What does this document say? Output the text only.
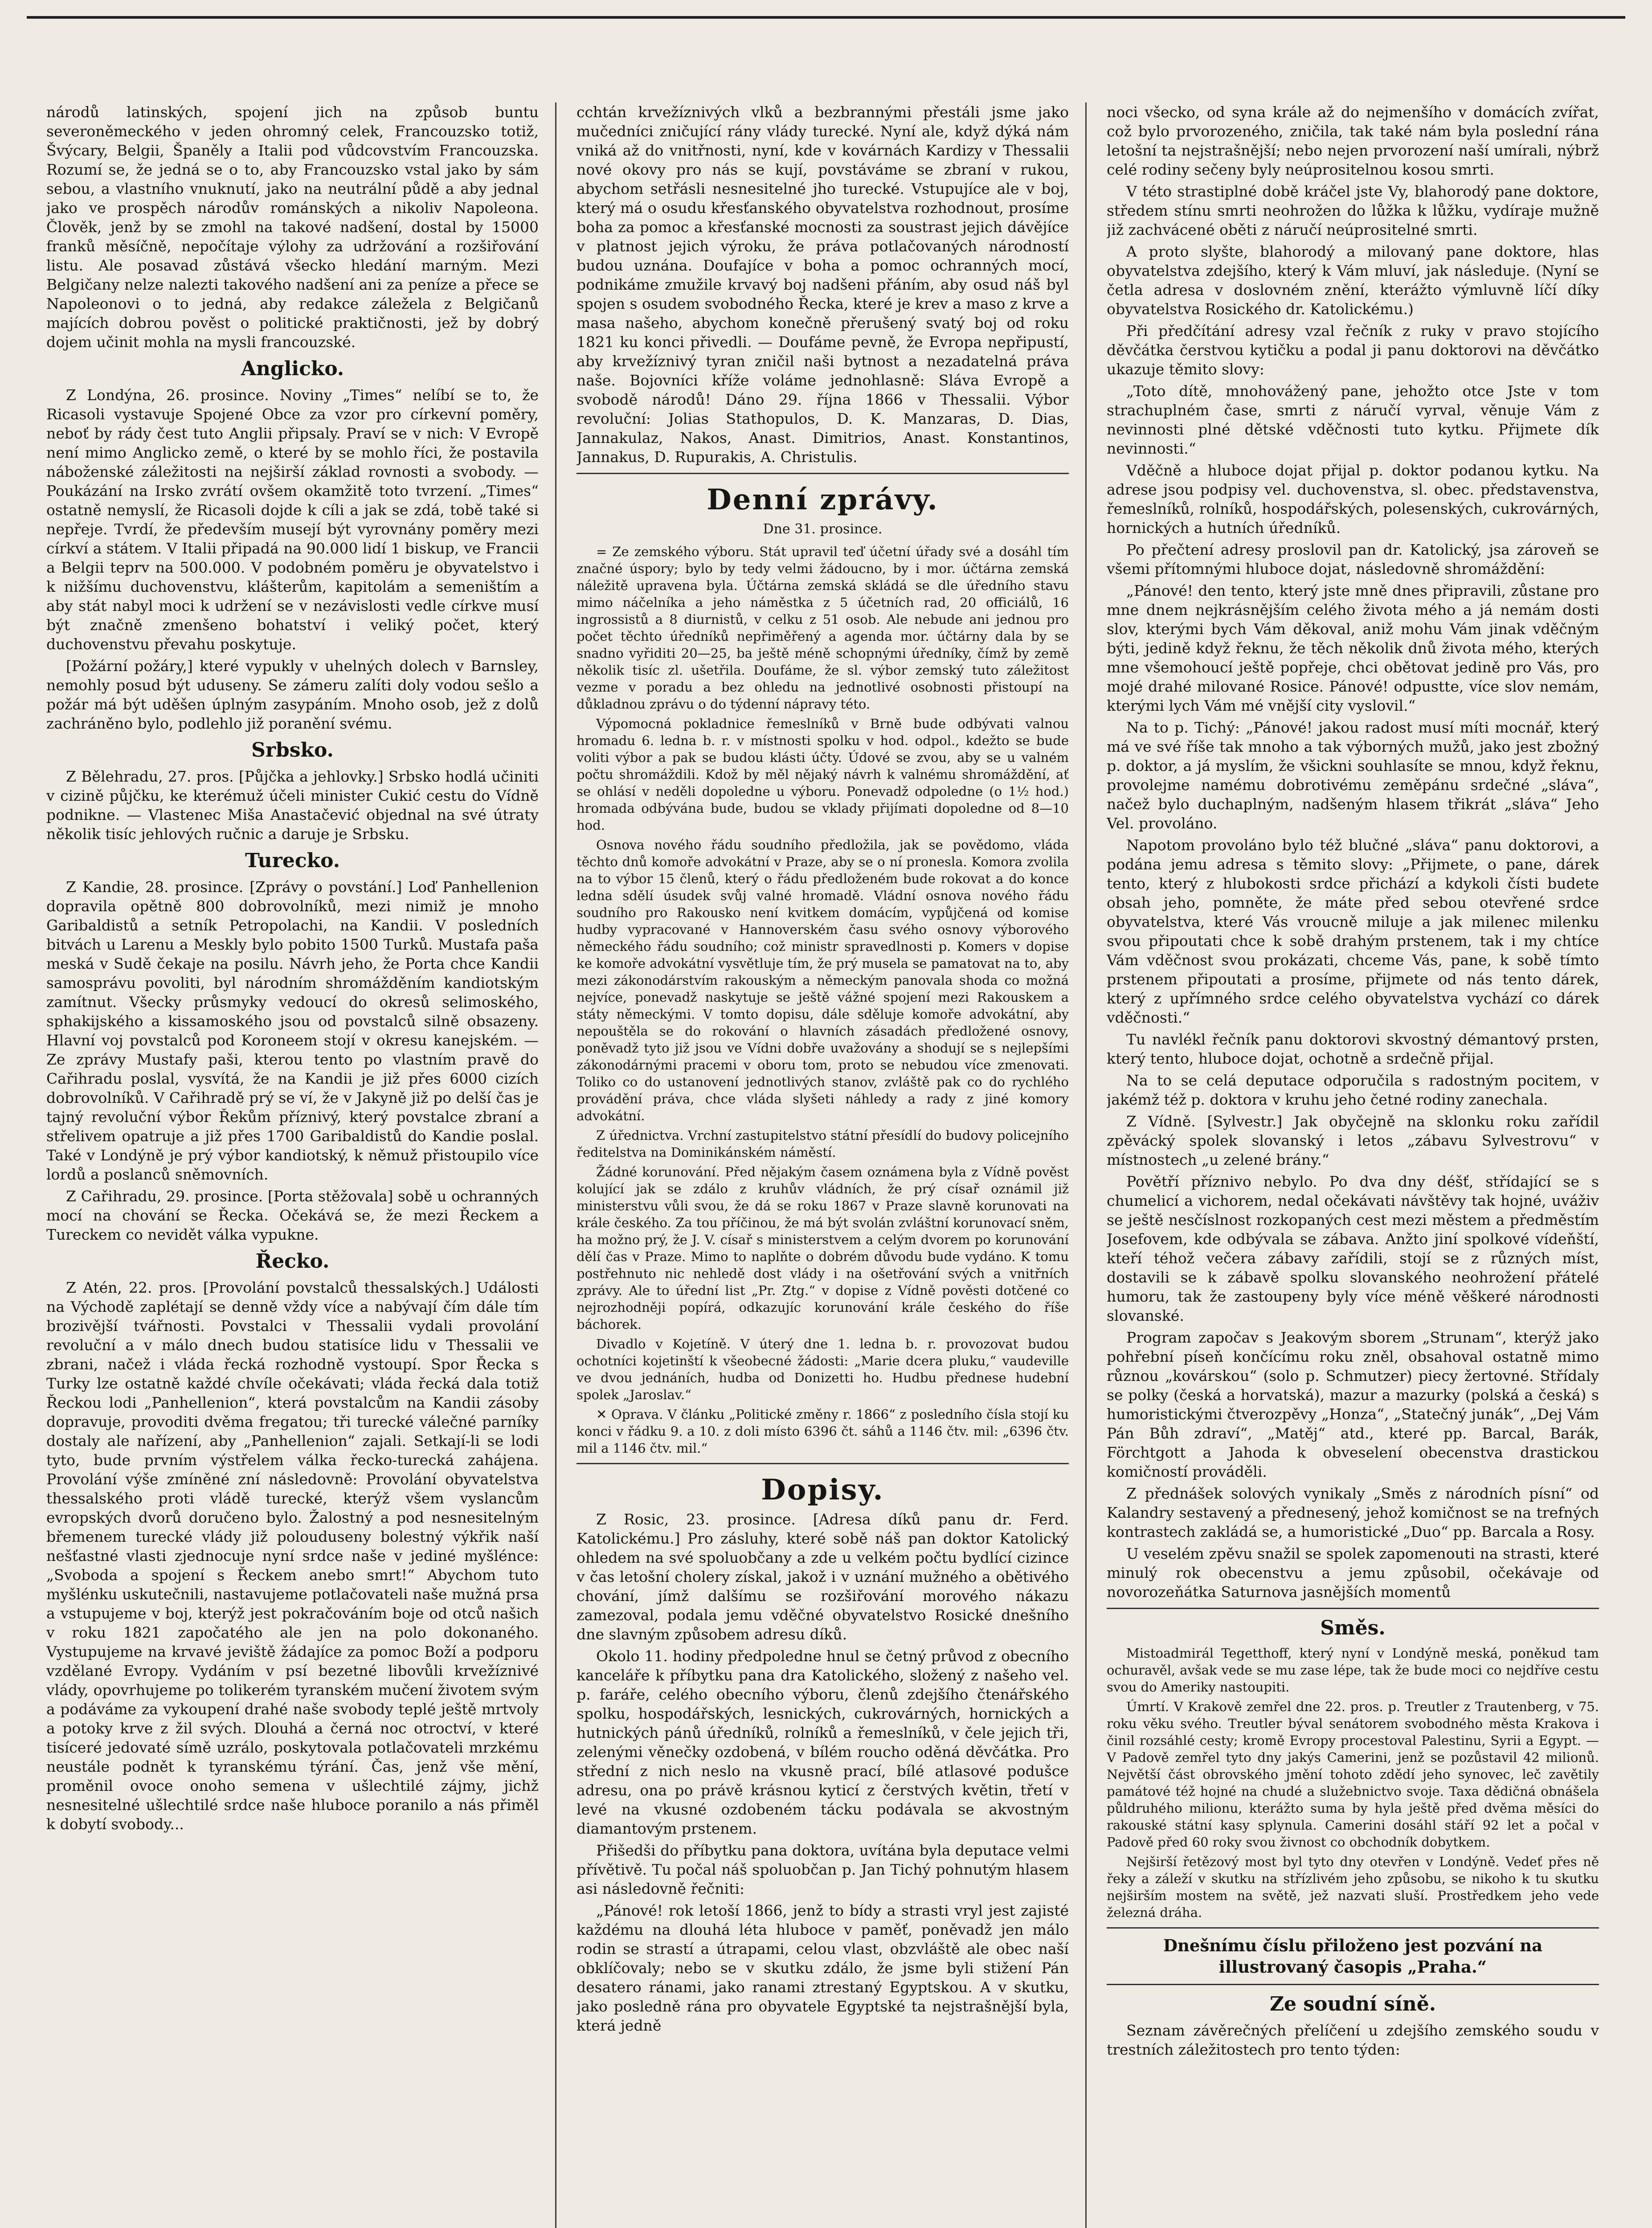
národů latinských, spojení jich na způsob buntu severoněmeckého v jeden ohromný celek, Francouzsko totiž, Švýcary, Belgii, Španěly a Italii pod vůdcovstvím Francouzska. Rozumí se, že jedná se o to, aby Francouzsko vstal jako by sám sebou, a vlastního vnuknutí, jako na neutrální půdě a aby jednal jako ve prospěch národův románských a nikoliv Napoleona. Člověk, jenž by se zmohl na takové nadšení, dostal by 15000 franků měsíčně, nepočítaje výlohy za udržování a rozšiřování listu. Ale posavad zůstává všecko hledání marným. Mezi Belgičany nelze nalezti takového nadšení ani za peníze a přece se Napoleonovi o to jedná, aby redakce záležela z Belgičanů majících dobrou pověst o politické praktičnosti, jež by dobrý dojem učinit mohla na mysli francouzské.

Anglicko.

Z Londýna, 26. prosince. Noviny „Times“ nelíbí se to, že Ricasoli vystavuje Spojené Obce za vzor pro církevní poměry, neboť by rády čest tuto Anglii připsaly. Praví se v nich: V Evropě není mimo Anglicko země, o které by se mohlo říci, že postavila náboženské záležitosti na nejširší základ rovnosti a svobody. — Poukázání na Irsko zvrátí ovšem okamžitě toto tvrzení. „Times“ ostatně nemyslí, že Ricasoli dojde k cíli a jak se zdá, tobě také si nepřeje. Tvrdí, že především musejí být vyrovnány poměry mezi církví a státem. V Italii připadá na 90.000 lidí 1 biskup, ve Francii a Belgii teprv na 500.000. V podobném poměru je obyvatelstvo i k nižšímu duchovenstvu, klášterům, kapitolám a semeništím a aby stát nabyl moci k udržení se v nezávislosti vedle církve musí být značně zmenšeno bohatství i veliký počet, který duchovenstvu převahu poskytuje.

[Požární požáry,] které vypukly v uhelných dolech v Barnsley, nemohly posud být uduseny. Se zámeru zalíti doly vodou sešlo a požár má být uděšen úplným zasypáním. Mnoho osob, jež z dolů zachráněno bylo, podlehlo již poranění svému.

Srbsko.

Z Bělehradu, 27. pros. [Půjčka a jehlovky.] Srbsko hodlá učiniti v cizině půjčku, ke kterémuž účeli minister Cukić cestu do Vídně podnikne. — Vlastenec Miša Anastačević objednal na své útraty několik tisíc jehlových ručnic a daruje je Srbsku.

Turecko.

Z Kandie, 28. prosince. [Zprávy o povstání.] Loď Panhellenion dopravila opětně 800 dobrovolníků, mezi nimiž je mnoho Garibaldistů a setník Petropolachi, na Kandii. V posledních bitvách u Larenu a Meskly bylo pobito 1500 Turků. Mustafa paša meská v Sudě čekaje na posilu. Návrh jeho, že Porta chce Kandii samosprávu povoliti, byl národním shromážděním kandiotským zamítnut. Všecky průsmyky vedoucí do okresů selimoského, sphakijského a kissamoského jsou od povstalců silně obsazeny. Hlavní voj povstalců pod Koroneem stojí v okresu kanejském. — Ze zprávy Mustafy paši, kterou tento po vlastním pravě do Cařihradu poslal, vysvítá, že na Kandii je již přes 6000 cizích dobrovolníků. V Cařihradě prý se ví, že v Jakyně již po delší čas je tajný revoluční výbor Řekům příznivý, který povstalce zbraní a střelivem opatruje a již přes 1700 Garibaldistů do Kandie poslal. Také v Londýně je prý výbor kandiotský, k němuž přistoupilo více lordů a poslanců sněmovních.

Z Cařihradu, 29. prosince. [Porta stěžovala] sobě u ochranných mocí na chování se Řecka. Očekává se, že mezi Řeckem a Tureckem co nevidět válka vypukne.

Řecko.

Z Atén, 22. pros. [Provolání povstalců thessalských.] Události na Východě zaplétají se denně vždy více a nabývají čím dále tím brozivější tvářnosti. Povstalci v Thessalii vydali provolání revoluční a v málo dnech budou statisíce lidu v Thessalii ve zbrani, načež i vláda řecká rozhodně vystoupí. Spor Řecka s Turky lze ostatně každé chvíle očekávati; vláda řecká dala totiž Řeckou lodi „Panhellenion“, která povstalcům na Kandii zásoby dopravuje, provoditi dvěma fregatou; tři turecké válečné parníky dostaly ale nařízení, aby „Panhellenion“ zajali. Setkají-li se lodi tyto, bude prvním výstřelem válka řecko-turecká zahájena. Provolání výše zmíněné zní následovně: Provolání obyvatelstva thessalského proti vládě turecké, kterýž všem vyslancům evropských dvorů doručeno bylo. Žalostný a pod nesnesitelným břemenem turecké vlády již polouduseny bolestný výkřik naší nešťastné vlasti zjednocuje nyní srdce naše v jediné myšlénce: „Svoboda a spojení s Řeckem anebo smrt!“ Abychom tuto myšlénku uskutečnili, nastavujeme potlačovateli naše mužná prsa a vstupujeme v boj, kterýž jest pokračováním boje od otců našich v roku 1821 započatého ale jen na polo dokonaného. Vystupujeme na krvavé jeviště žádajíce za pomoc Boží a podporu vzdělané Evropy. Vydáním v psí bezetné libovůli krvežíznivé vlády, opovrhujeme po tolikerém tyranském mučení životem svým a podáváme za vykoupení drahé naše svobody teplé ještě mrtvoly a potoky krve z žil svých. Dlouhá a černá noc otroctví, v které tisíceré jedovaté símě uzrálo, poskytovala potlačovateli mrzkému neustále podnět k tyranskému týrání. Čas, jenž vše mění, proměnil ovoce onoho semena v ušlechtilé zájmy, jichž nesnesitelné ušlechtilé srdce naše hluboce poranilo a nás přiměl k dobytí svobody...

cchtán krvežíznivých vlků a bezbrannými přestáli jsme jako mučedníci zničující rány vlády turecké. Nyní ale, když dýká nám vniká až do vnitřnosti, nyní, kde v kovárnách Kardizy v Thessalii nové okovy pro nás se kují, povstáváme se zbraní v rukou, abychom setřásli nesnesitelné jho turecké. Vstupujíce ale v boj, který má o osudu křesťanského obyvatelstva rozhodnout, prosíme boha za pomoc a křesťanské mocnosti za soustrast jejich dávějíce v platnost jejich výroku, že práva potlačovaných národností budou uznána. Doufajíce v boha a pomoc ochranných mocí, podnikáme zmužile krvavý boj nadšeni přáním, aby osud náš byl spojen s osudem svobodného Řecka, které je krev a maso z krve a masa našeho, abychom konečně přerušený svatý boj od roku 1821 ku konci přivedli. — Doufáme pevně, že Evropa nepřipustí, aby krvežíznivý tyran zničil naši bytnost a nezadatelná práva naše. Bojovníci kříže voláme jednohlasně: Sláva Evropě a svobodě národů! Dáno 29. října 1866 v Thessalii. Výbor revoluční: Jolias Stathopulos, D. K. Manzaras, D. Dias, Jannakulaz, Nakos, Anast. Dimitrios, Anast. Konstantinos, Jannakus, D. Rupurakis, A. Christulis.

Denní zprávy.
Dne 31. prosince.

= Ze zemského výboru. Stát upravil teď účetní úřady své a dosáhl tím značné úspory; bylo by tedy velmi žádoucno, by i mor. účtárna zemská náležitě upravena byla. Účtárna zemská skládá se dle úředního stavu mimo náčelníka a jeho náměstka z 5 účetních rad, 20 officiálů, 16 ingrossistů a 8 diurnistů, v celku z 51 osob. Ale nebude ani jednou pro počet těchto úředníků nepřiměřený a agenda mor. účtárny dala by se snadno vyřiditi 20—25, ba ještě méně schopnými úředníky, čímž by země několik tisíc zl. ušetřila. Doufáme, že sl. výbor zemský tuto záležitost vezme v poradu a bez ohledu na jednotlivé osobnosti přistoupí na důkladnou zprávu o do týdenní nápravy této.

Výpomocná pokladnice řemeslníků v Brně bude odbývati valnou hromadu 6. ledna b. r. v místnosti spolku v hod. odpol., kdežto se bude voliti výbor a pak se budou klásti účty. Údové se zvou, aby se u valném počtu shromáždili. Kdož by měl nějaký návrh k valnému shromáždění, ať se ohlásí v neděli dopoledne u výboru. Ponevadž odpoledne (o 1½ hod.) hromada odbývána bude, budou se vklady přijímati dopoledne od 8—10 hod.

Osnova nového řádu soudního předložila, jak se povědomo, vláda těchto dnů komoře advokátní v Praze, aby se o ní pronesla. Komora zvolila na to výbor 15 členů, který o řádu předloženém bude rokovat a do konce ledna sdělí úsudek svůj valné hromadě. Vládní osnova nového řádu soudního pro Rakousko není kvitkem domácím, vypůjčená od komise hudby vypracované v Hannoverském času svého osnovy výborového německého řádu soudního; což ministr spravedlnosti p. Komers v dopise ke komoře advokátní vysvětluje tím, že prý musela se pamatovat na to, aby mezi zákonodárstvím rakouským a německým panovala shoda co možná nejvíce, ponevadž naskytuje se ještě vážné spojení mezi Rakouskem a státy německými. V tomto dopisu, dále sděluje komoře advokátní, aby nepouštěla se do rokování o hlavních zásadách předložené osnovy, poněvadž tyto již jsou ve Vídni dobře uvažovány a shodují se s nejlepšími zákonodárnými pracemi v oboru tom, proto se nebudou více zmenovati. Toliko co do ustanovení jednotlivých stanov, zvláště pak co do rychlého provádění práva, chce vláda slyšeti náhledy a rady z jiné komory advokátní.

Z úřednictva. Vrchní zastupitelstvo státní přesídlí do budovy policejního ředitelstva na Dominikánském náměstí.

Žádné korunování. Před nějakým časem oznámena byla z Vídně pověst kolující jak se zdálo z kruhův vládních, že prý císař oznámil již ministerstvu vůli svou, že dá se roku 1867 v Praze slavně korunovati na krále českého. Za tou příčinou, že má být svolán zvláštní korunovací sněm, ha možno prý, že J. V. císař s ministerstvem a celým dvorem po korunování dělí čas v Praze. Mimo to naplňte o dobrém důvodu bude vydáno. K tomu postřehnuto nic nehledě dost vlády i na ošetřování svých a vnitřních zprávy. Ale to úřední list „Pr. Ztg.“ v dopise z Vídně pověsti dotčené co nejrozhodněji popírá, odkazujíc korunování krále českého do říše báchorek.

Divadlo v Kojetíně. V úterý dne 1. ledna b. r. provozovat budou ochotníci kojetinští k všeobecné žádosti: „Marie dcera pluku,“ vaudeville ve dvou jednáních, hudba od Donizetti ho. Hudbu přednese hudební spolek „Jaroslav.“

✕ Oprava. V článku „Politické změny r. 1866“ z posledního čísla stojí ku konci v řádku 9. a 10. z doli místo 6396 čt. sáhů a 1146 čtv. mil: „6396 čtv. mil a 1146 čtv. mil.“

Dopisy.

Z Rosic, 23. prosince. [Adresa díků panu dr. Ferd. Katolickému.] Pro zásluhy, které sobě náš pan doktor Katolický ohledem na své spoluobčany a zde u velkém počtu bydlící cizince v čas letošní cholery získal, jakož i v uznání mužného a obětivého chování, jímž dalšímu se rozšiřování morového nákazu zamezoval, podala jemu vděčné obyvatelstvo Rosické dnešního dne slavným způsobem adresu díků.

Okolo 11. hodiny předpoledne hnul se četný průvod z obecního kanceláře k příbytku pana dra Katolického, složený z našeho vel. p. faráře, celého obecního výboru, členů zdejšího čtenářského spolku, hospodářských, lesnických, cukrovárných, hornických a hutnických pánů úředníků, rolníků a řemeslníků, v čele jejich tři, zelenými věnečky ozdobená, v bílém roucho oděná děvčátka. Pro střední z nich neslo na vkusně prací, bílé atlasové podušce adresu, ona po právě krásnou kyticí z čerstvých květin, třetí v levé na vkusné ozdobeném tácku podávala se akvostným diamantovým prstenem.

Přišedši do příbytku pana doktora, uvítána byla deputace velmi přívětivě. Tu počal náš spoluobčan p. Jan Tichý pohnutým hlasem asi následovně řečniti:

„Pánové! rok letoší 1866, jenž to bídy a strasti vryl jest zajisté každému na dlouhá léta hluboce v paměť, poněvadž jen málo rodin se strastí a útrapami, celou vlast, obzvláště ale obec naší obklíčovaly; nebo se v skutku zdálo, že jsme byli stižení Pán desatero ránami, jako ranami ztrestaný Egyptskou. A v skutku, jako posledně rána pro obyvatele Egyptské ta nejstrašnější byla, která jedně

noci všecko, od syna krále až do nejmenšího v domácích zvířat, což bylo prvorozeného, zničila, tak také nám byla poslední rána letošní ta nejstrašnější; nebo nejen prvorození naší umírali, nýbrž celé rodiny sečeny byly neúprositelnou kosou smrti.

V této strastiplné době kráčel jste Vy, blahorodý pane doktore, středem stínu smrti neohrožen do lůžka k lůžku, vydíraje mužně již zachvácené oběti z náručí neúprositelné smrti.

A proto slyšte, blahorodý a milovaný pane doktore, hlas obyvatelstva zdejšího, který k Vám mluví, jak následuje. (Nyní se četla adresa v doslovném znění, kterážto výmluvně líčí díky obyvatelstva Rosického dr. Katolickému.)

Při předčítání adresy vzal řečník z ruky v pravo stojícího děvčátka čerstvou kytičku a podal ji panu doktorovi na děvčátko ukazuje těmito slovy:

„Toto dítě, mnohovážený pane, jehožto otce Jste v tom strachuplném čase, smrti z náručí vyrval, věnuje Vám z nevinnosti plné dětské vděčnosti tuto kytku. Přijmete dík nevinnosti.“

Vděčně a hluboce dojat přijal p. doktor podanou kytku. Na adrese jsou podpisy vel. duchovenstva, sl. obec. představenstva, řemeslníků, rolníků, hospodářských, polesenských, cukrovárných, hornických a hutních úředníků.

Po přečtení adresy proslovil pan dr. Katolický, jsa zároveň se všemi přítomnými hluboce dojat, následovně shromáždění:

„Pánové! den tento, který jste mně dnes připravili, zůstane pro mne dnem nejkrásnějším celého života mého a já nemám dosti slov, kterými bych Vám děkoval, aniž mohu Vám jinak vděčným býti, jedině když řeknu, že těch několik dnů života mého, kterých mne všemohoucí ještě popřeje, chci obětovat jedině pro Vás, pro mojé drahé milované Rosice. Pánové! odpustte, více slov nemám, kterými lych Vám mé vnější city vyslovil.“

Na to p. Tichý: „Pánové! jakou radost musí míti mocnář, který má ve své říše tak mnoho a tak výborných mužů, jako jest zbožný p. doktor, a já myslím, že všickni souhlasíte se mnou, když řeknu, provolejme namému dobrotivému zeměpánu srdečné „sláva“, načež bylo duchaplným, nadšeným hlasem třikrát „sláva“ Jeho Vel. provoláno.

Napotom provoláno bylo též blučné „sláva“ panu doktorovi, a podána jemu adresa s těmito slovy: „Přijmete, o pane, dárek tento, který z hlubokosti srdce přichází a kdykoli čísti budete obsah jeho, pomněte, že máte před sebou otevřené srdce obyvatelstva, které Vás vroucně miluje a jak milenec milenku svou připoutati chce k sobě drahým prstenem, tak i my chtíce Vám vděčnost svou prokázati, chceme Vás, pane, k sobě tímto prstenem připoutati a prosíme, přijmete od nás tento dárek, který z upřímného srdce celého obyvatelstva vychází co dárek vděčnosti.“

Tu navlékl řečník panu doktorovi skvostný démantový prsten, který tento, hluboce dojat, ochotně a srdečně přijal.

Na to se celá deputace odporučila s radostným pocitem, v jakémž též p. doktora v kruhu jeho četné rodiny zanechala.

Z Vídně. [Sylvestr.] Jak obyčejně na sklonku roku zařídil zpěvácký spolek slovanský i letos „zábavu Sylvestrovu“ v místnostech „u zelené brány.“

Povětří příznivo nebylo. Po dva dny déšť, střídající se s chumelicí a vichorem, nedal očekávati návštěvy tak hojné, uváživ se ještě nesčíslnost rozkopaných cest mezi městem a předměstím Josefovem, kde odbývala se zábava. Anžto jiní spolkové vídeňští, kteří téhož večera zábavy zařídili, stojí se z různých míst, dostavili se k zábavě spolku slovanského neohrožení přátelé humoru, tak že zastoupeny byly více méně věškeré národnosti slovanské.

Program započav s Jeakovým sborem „Strunam“, kterýž jako pohřební píseň končícímu roku zněl, obsahoval ostatně mimo různou „kovárskou“ (solo p. Schmutzer) piecy žertovné. Střídaly se polky (česká a horvatská), mazur a mazurky (polská a česká) s humoristickými čtverozpěvy „Honza“, „Statečný junák“, „Dej Vám Pán Bůh zdraví“, „Matěj“ atd., které pp. Barcal, Barák, Förchtgott a Jahoda k obveselení obecenstva drastickou komičností prováděli.

Z přednášek solových vynikaly „Směs z národních písní“ od Kalandry sestavený a přednesený, jehož komičnost se na trefných kontrastech zakládá se, a humoristické „Duo“ pp. Barcala a Rosy.

U veselém zpěvu snažil se spolek zapomenouti na strasti, které minulý rok obecenstvu a jemu způsobil, očekávaje od novorozeňátka Saturnova jasnějších momentů

Směs.

Mistoadmirál Tegetthoff, který nyní v Londýně meská, poněkud tam ochuravěl, avšak vede se mu zase lépe, tak že bude moci co nejdříve cestu svou do Ameriky nastoupiti.

Úmrtí. V Krakově zemřel dne 22. pros. p. Treutler z Trautenberg, v 75. roku věku svého. Treutler býval senátorem svobodného města Krakova i činil rozsáhlé cesty; kromě Evropy procestoval Palestinu, Syrii a Egypt. — V Padově zemřel tyto dny jakýs Camerini, jenž se pozůstavil 42 milionů. Největší část obrovského jmění tohoto zdědí jeho synovec, leč zavětily památové též hojné na chudé a služebnictvo svoje. Taxa dědičná obnášela půldruhého milionu, kterážto suma by hyla ještě před dvěma měsíci do rakouské státní kasy splynula. Camerini dosáhl stáří 92 let a počal v Padově před 60 roky svou živnost co obchodník dobytkem.

Nejširší řetězový most byl tyto dny otevřen v Londýně. Vedeť přes ně řeky a záleží v skutku na střízlivém jeho způsobu, se nikoho k tu skutku nejširším mostem na světě, jež nazvati sluší. Prostředkem jeho vede železná dráha.

Dnešnímu číslu přiloženo jest pozvání na illustrovaný časopis „Praha.“
Ze soudní síně.

Seznam závěrečných přelíčení u zdejšího zemského soudu v trestních záležitostech pro tento týden:
